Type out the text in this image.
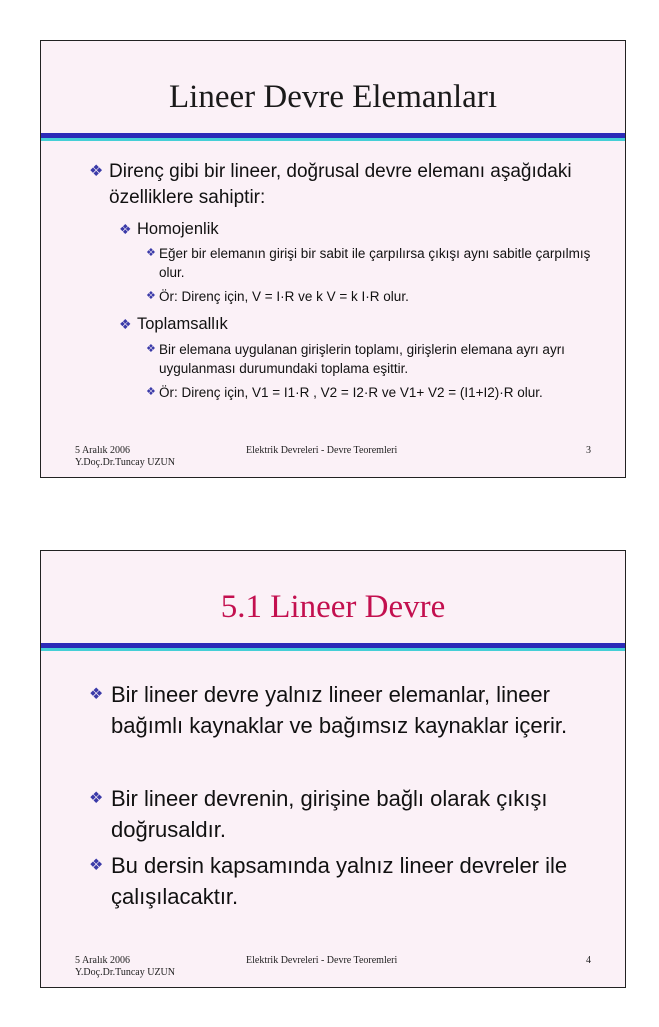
Lineer Devre Elemanları
❖ Direnç gibi bir lineer, doğrusal devre elemanı aşağıdaki özelliklere sahiptir:
❖ Homojenlik
❖ Eğer bir elemanın girişi bir sabit ile çarpılırsa çıkışı aynı sabitle çarpılmış olur.
❖ Ör: Direnç için, V = I·R ve k V = k I·R olur.
❖ Toplamsallık
❖ Bir elemana uygulanan girişlerin toplamı, girişlerin elemana ayrı ayrı uygulanması durumundaki toplama eşittir.
❖ Ör: Direnç için, V1 = I1·R , V2 = I2·R ve V1+ V2 = (I1+I2)·R olur.
5 Aralık 2006
Y.Doç.Dr.Tuncay UZUN
Elektrik Devreleri - Devre Teoremleri	3
5.1 Lineer Devre
❖ Bir lineer devre yalnız lineer elemanlar, lineer bağımlı kaynaklar ve bağımsız kaynaklar içerir.
❖ Bir lineer devrenin, girişine bağlı olarak çıkışı doğrusaldır.
❖ Bu dersin kapsamında yalnız lineer devreler ile çalışılacaktır.
5 Aralık 2006
Y.Doç.Dr.Tuncay UZUN
Elektrik Devreleri - Devre Teoremleri	4
